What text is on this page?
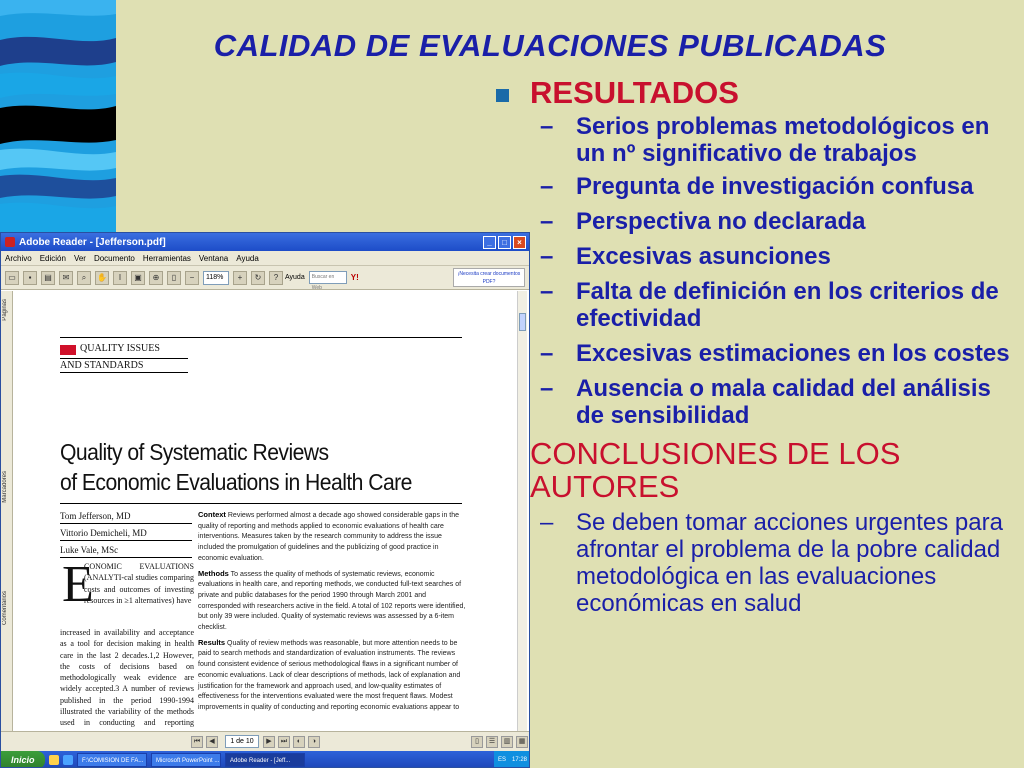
CALIDAD DE EVALUACIONES PUBLICADAS
RESULTADOS
– Serios problemas metodológicos en un nº significativo de trabajos
– Pregunta de investigación confusa
– Perspectiva no declarada
– Excesivas asunciones
– Falta de definición en los criterios de efectividad
– Excesivas estimaciones en los costes
– Ausencia o mala calidad del análisis de sensibilidad
CONCLUSIONES DE LOS AUTORES
– Se deben tomar acciones urgentes para afrontar el problema de la pobre calidad metodológica en las evaluaciones económicas en salud
Adobe Reader - [Jefferson.pdf]	_	□	×
Archivo Edición Ver Documento Herramientas Ventana Ayuda
▭	▪	▤	✉	⌕	✋	I	▣	⊕	▯	−	118%	+	↻	? Ayuda	Buscar en Web
Y!	¡Necesita crear documentos PDF?
Páginas
Marcadores
Comentarios
QUALITY ISSUES
AND STANDARDS
Quality of Systematic Reviews
of Economic Evaluations in Health Care
Tom Jefferson, MD
Vittorio Demicheli, MD
Luke Vale, MSc
E
CONOMIC EVALUATIONS (ANALYTI-cal studies comparing costs and outcomes of investing resources in ≥1 alternatives) have
increased in availability and acceptance as a tool for decision making in health care in the last 2 decades.1,2 However, the costs of decisions based on methodologically weak evidence are widely accepted.3 A number of reviews published in the period 1990-1994 illustrated the variability of the methods used in conducting and reporting

Context Reviews performed almost a decade ago showed considerable gaps in the quality of reporting and methods applied to economic evaluations of health care interventions. Measures taken by the research community to address the issue included the promulgation of guidelines and the publicizing of good practice in economic evaluation.

Methods To assess the quality of methods of systematic reviews, economic evaluations in health care, and reporting methods, we conducted full-text searches of private and public databases for the period 1990 through March 2001 and corresponded with researchers active in the field. A total of 102 reports were identified, but only 39 were included. Quality of systematic reviews was assessed by a 6-item checklist.

Results Quality of review methods was reasonable, but more attention needs to be paid to search methods and standardization of evaluation instruments. The reviews found consistent evidence of serious methodological flaws in a significant number of economic evaluations. Lack of clear descriptions of methods, lack of explanation and justification for the framework and approach used, and low-quality estimates of effectiveness for the interventions evaluated were the most frequent flaws. Modest improvements in quality of conducting and reporting economic evaluations appear to

⏮	◀	1 de 10	▶	⏭	◐	◑	▯	☰	▥	▦
Inicio	F:\COMISION DE FA...	Microsoft PowerPoint ...	Adobe Reader - [Jeff...	ES 17:28
